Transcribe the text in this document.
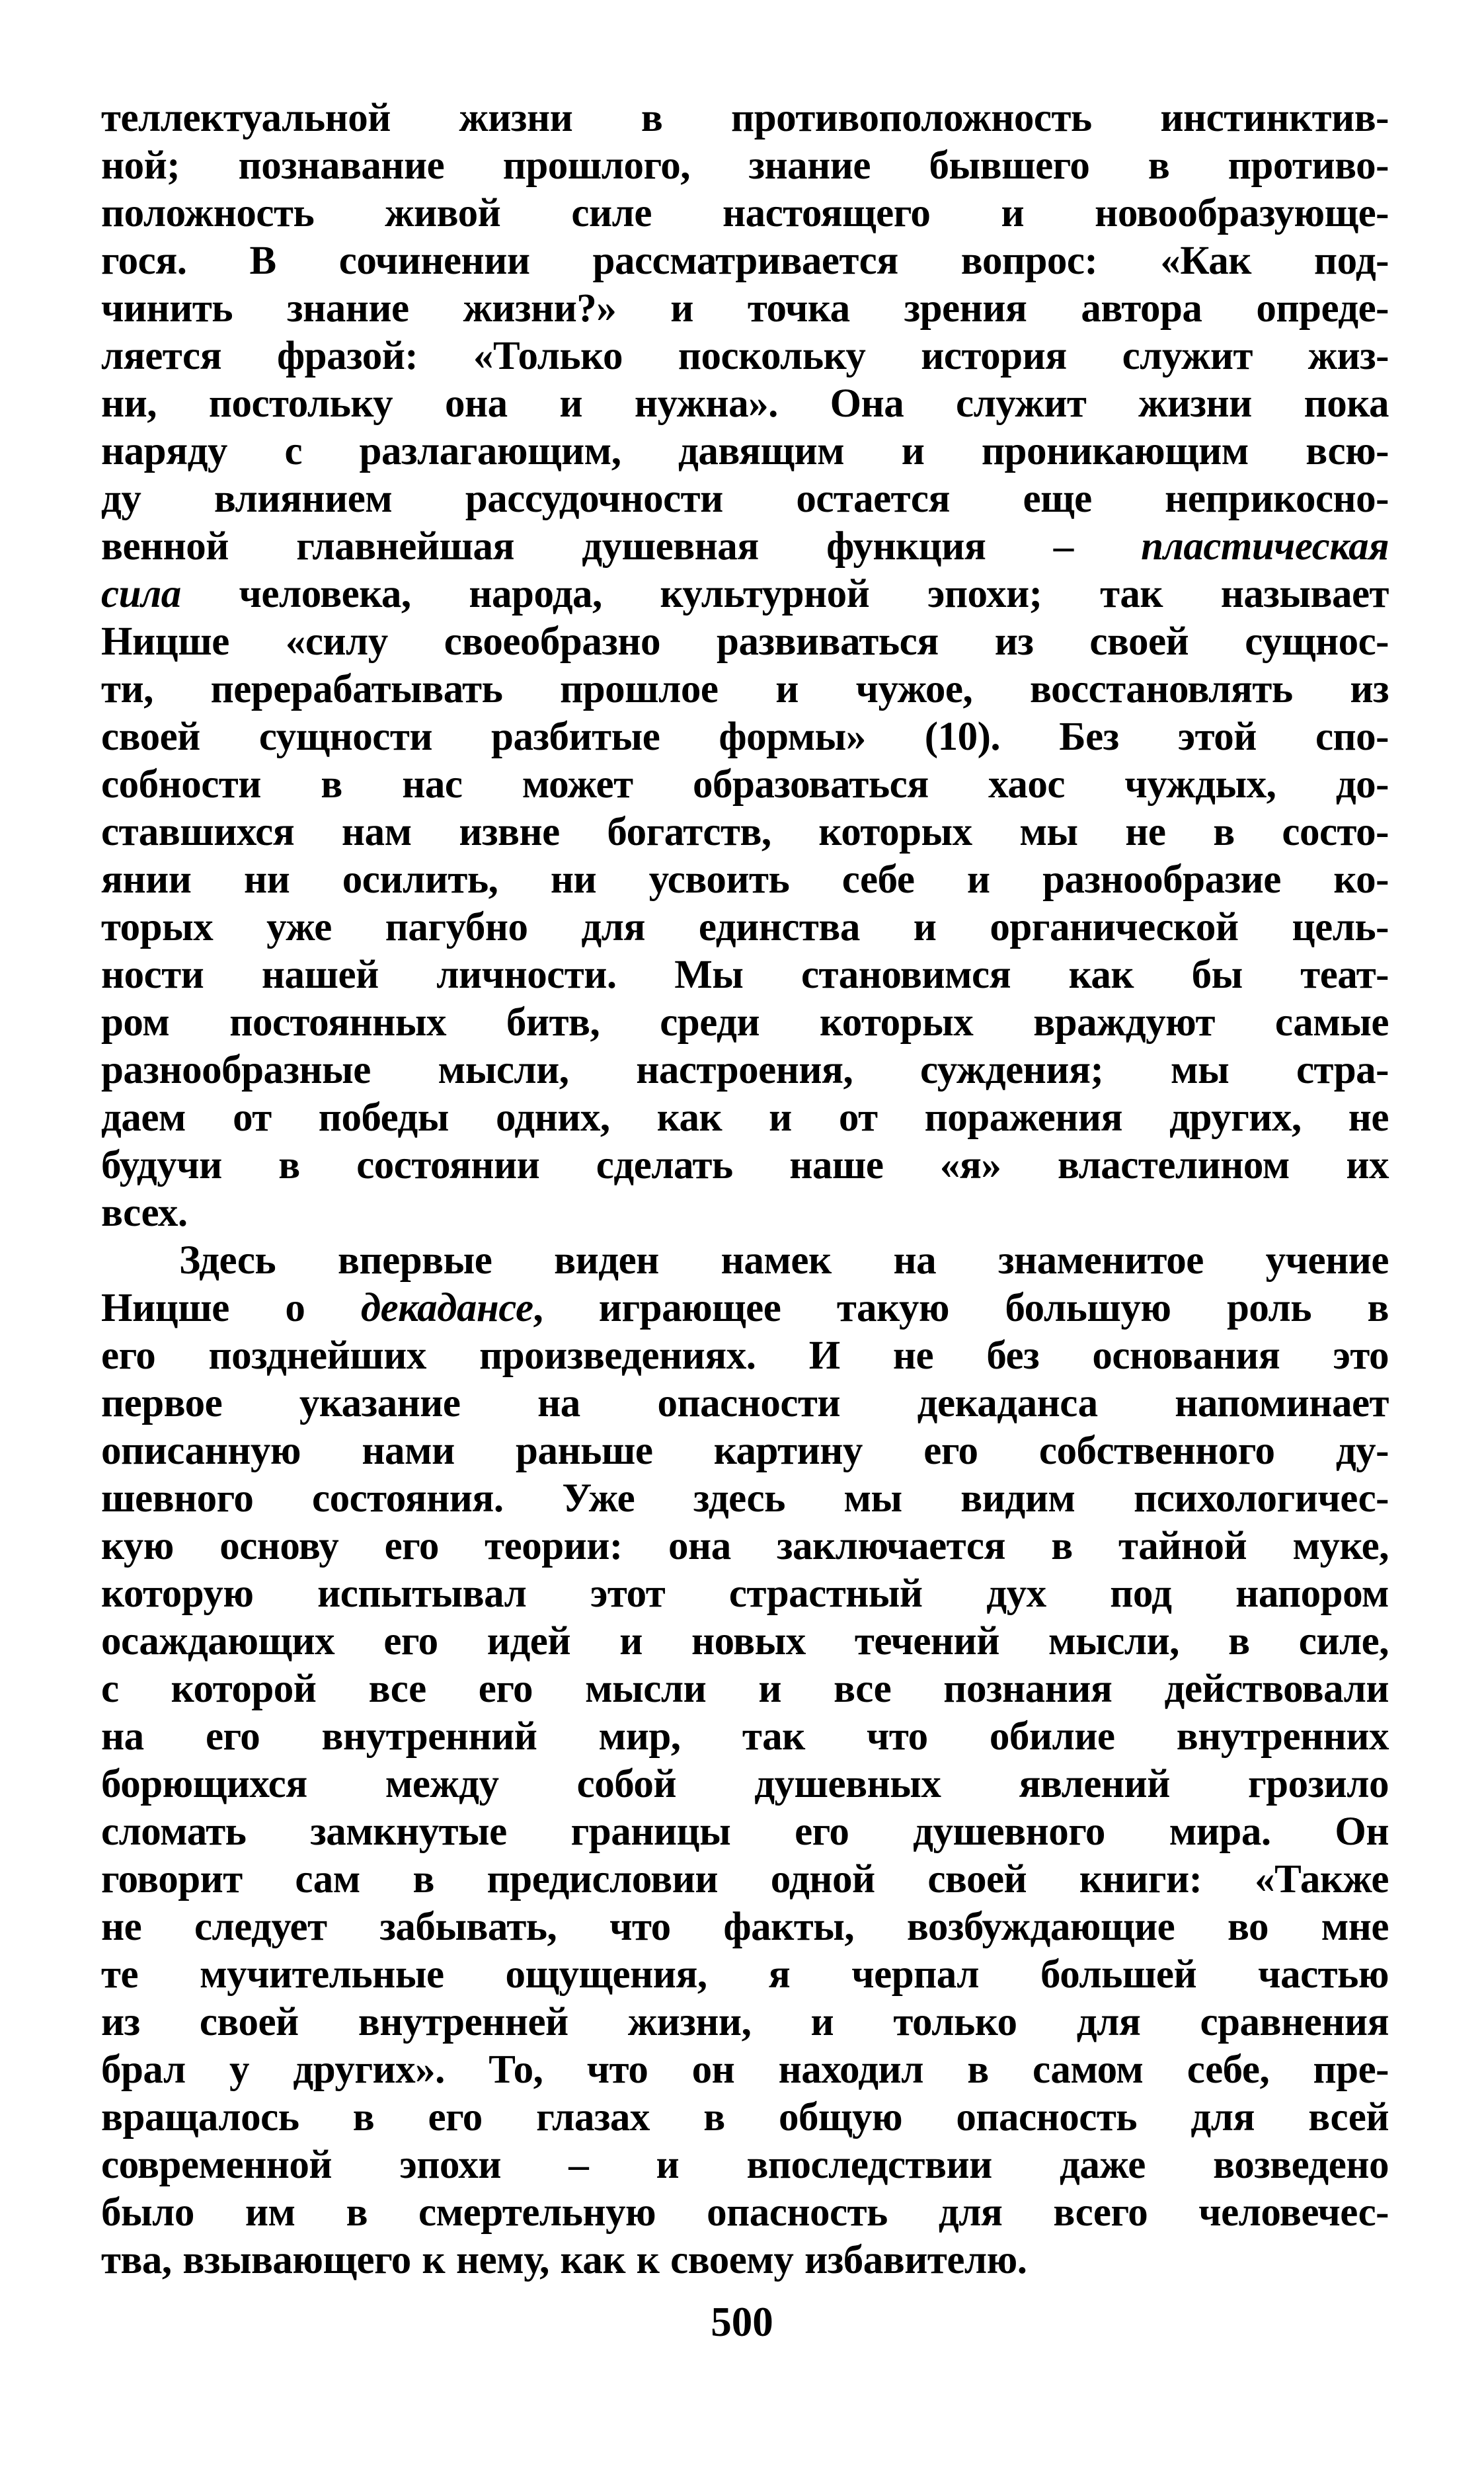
теллектуальной жизни в противоположность инстинктив-
ной; познавание прошлого, знание бывшего в противо-
положность живой силе настоящего и новообразующе-
гося. В сочинении рассматривается вопрос: «Как под-
чинить знание жизни?» и точка зрения автора опреде-
ляется фразой: «Только поскольку история служит жиз-
ни, постольку она и нужна». Она служит жизни пока
наряду с разлагающим, давящим и проникающим всю-
ду влиянием рассудочности остается еще неприкосно-
венной главнейшая душевная функция – пластическая
сила человека, народа, культурной эпохи; так называет
Ницше «силу своеобразно развиваться из своей сущнос-
ти, перерабатывать прошлое и чужое, восстановлять из
своей сущности разбитые формы» (10). Без этой спо-
собности в нас может образоваться хаос чуждых, до-
ставшихся нам извне богатств, которых мы не в состо-
янии ни осилить, ни усвоить себе и разнообразие ко-
торых уже пагубно для единства и органической цель-
ности нашей личности. Мы становимся как бы теат-
ром постоянных битв, среди которых враждуют самые
разнообразные мысли, настроения, суждения; мы стра-
даем от победы одних, как и от поражения других, не
будучи в состоянии сделать наше «я» властелином их
всех.
Здесь впервые виден намек на знаменитое учение
Ницше о декадансе, играющее такую большую роль в
его позднейших произведениях. И не без основания это
первое указание на опасности декаданса напоминает
описанную нами раньше картину его собственного ду-
шевного состояния. Уже здесь мы видим психологичес-
кую основу его теории: она заключается в тайной муке,
которую испытывал этот страстный дух под напором
осаждающих его идей и новых течений мысли, в силе,
с которой все его мысли и все познания действовали
на его внутренний мир, так что обилие внутренних
борющихся между собой душевных явлений грозило
сломать замкнутые границы его душевного мира. Он
говорит сам в предисловии одной своей книги: «Также
не следует забывать, что факты, возбуждающие во мне
те мучительные ощущения, я черпал большей частью
из своей внутренней жизни, и только для сравнения
брал у других». То, что он находил в самом себе, пре-
вращалось в его глазах в общую опасность для всей
современной эпохи – и впоследствии даже возведено
было им в смертельную опасность для всего человечес-
тва, взывающего к нему, как к своему избавителю.
500
